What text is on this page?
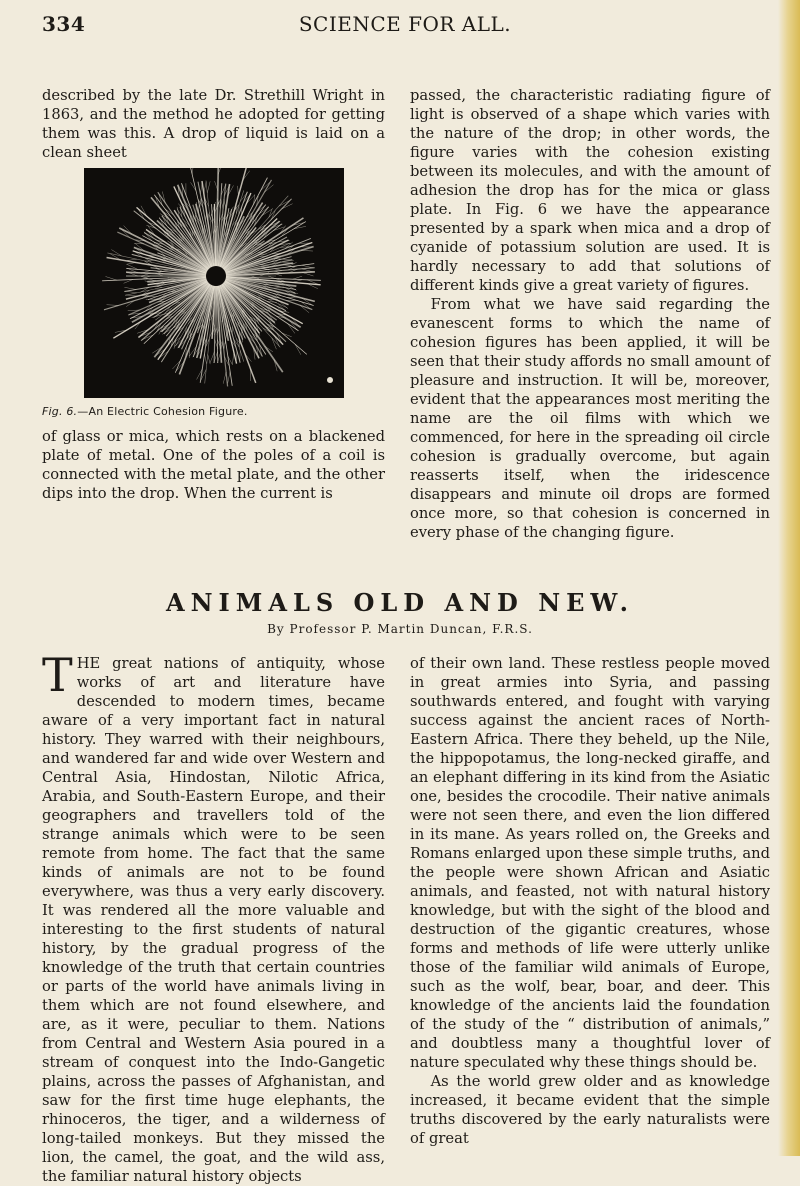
334	SCIENCE FOR ALL.

described by the late Dr. Strethill Wright in 1863, and the method he adopted for getting them was this. A drop of liquid is laid on a clean sheet

Fig. 6.—An Electric Cohesion Figure.

of glass or mica, which rests on a blackened plate of metal. One of the poles of a coil is connected with the metal plate, and the other dips into the drop. When the current is

passed, the characteristic radiating figure of light is observed of a shape which varies with the nature of the drop; in other words, the figure varies with the cohesion existing between its molecules, and with the amount of adhesion the drop has for the mica or glass plate. In Fig. 6 we have the appearance presented by a spark when mica and a drop of cyanide of potassium solution are used. It is hardly necessary to add that solutions of different kinds give a great variety of figures.

From what we have said regarding the evanescent forms to which the name of cohesion figures has been applied, it will be seen that their study affords no small amount of pleasure and instruction. It will be, moreover, evident that the appearances most meriting the name are the oil films with which we commenced, for here in the spreading oil circle cohesion is gradually overcome, but again reasserts itself, when the iridescence disappears and minute oil drops are formed once more, so that cohesion is concerned in every phase of the changing figure.

ANIMALS OLD AND NEW.
By Professor P. Martin Duncan, F.R.S.

THE great nations of antiquity, whose works of art and literature have descended to modern times, became aware of a very important fact in natural history. They warred with their neighbours, and wandered far and wide over Western and Central Asia, Hindostan, Nilotic Africa, Arabia, and South-Eastern Europe, and their geographers and travellers told of the strange animals which were to be seen remote from home. The fact that the same kinds of animals are not to be found everywhere, was thus a very early discovery. It was rendered all the more valuable and interesting to the first students of natural history, by the gradual progress of the knowledge of the truth that certain countries or parts of the world have animals living in them which are not found elsewhere, and are, as it were, peculiar to them. Nations from Central and Western Asia poured in a stream of conquest into the Indo-Gangetic plains, across the passes of Afghanistan, and saw for the first time huge elephants, the rhinoceros, the tiger, and a wilderness of long-tailed monkeys. But they missed the lion, the camel, the goat, and the wild ass, the familiar natural history objects

of their own land. These restless people moved in great armies into Syria, and passing southwards entered, and fought with varying success against the ancient races of North-Eastern Africa. There they beheld, up the Nile, the hippopotamus, the long-necked giraffe, and an elephant differing in its kind from the Asiatic one, besides the crocodile. Their native animals were not seen there, and even the lion differed in its mane. As years rolled on, the Greeks and Romans enlarged upon these simple truths, and the people were shown African and Asiatic animals, and feasted, not with natural history knowledge, but with the sight of the blood and destruction of the gigantic creatures, whose forms and methods of life were utterly unlike those of the familiar wild animals of Europe, such as the wolf, bear, boar, and deer. This knowledge of the ancients laid the foundation of the study of the “ distribution of animals,” and doubtless many a thoughtful lover of nature speculated why these things should be.

As the world grew older and as knowledge increased, it became evident that the simple truths discovered by the early naturalists were of great
